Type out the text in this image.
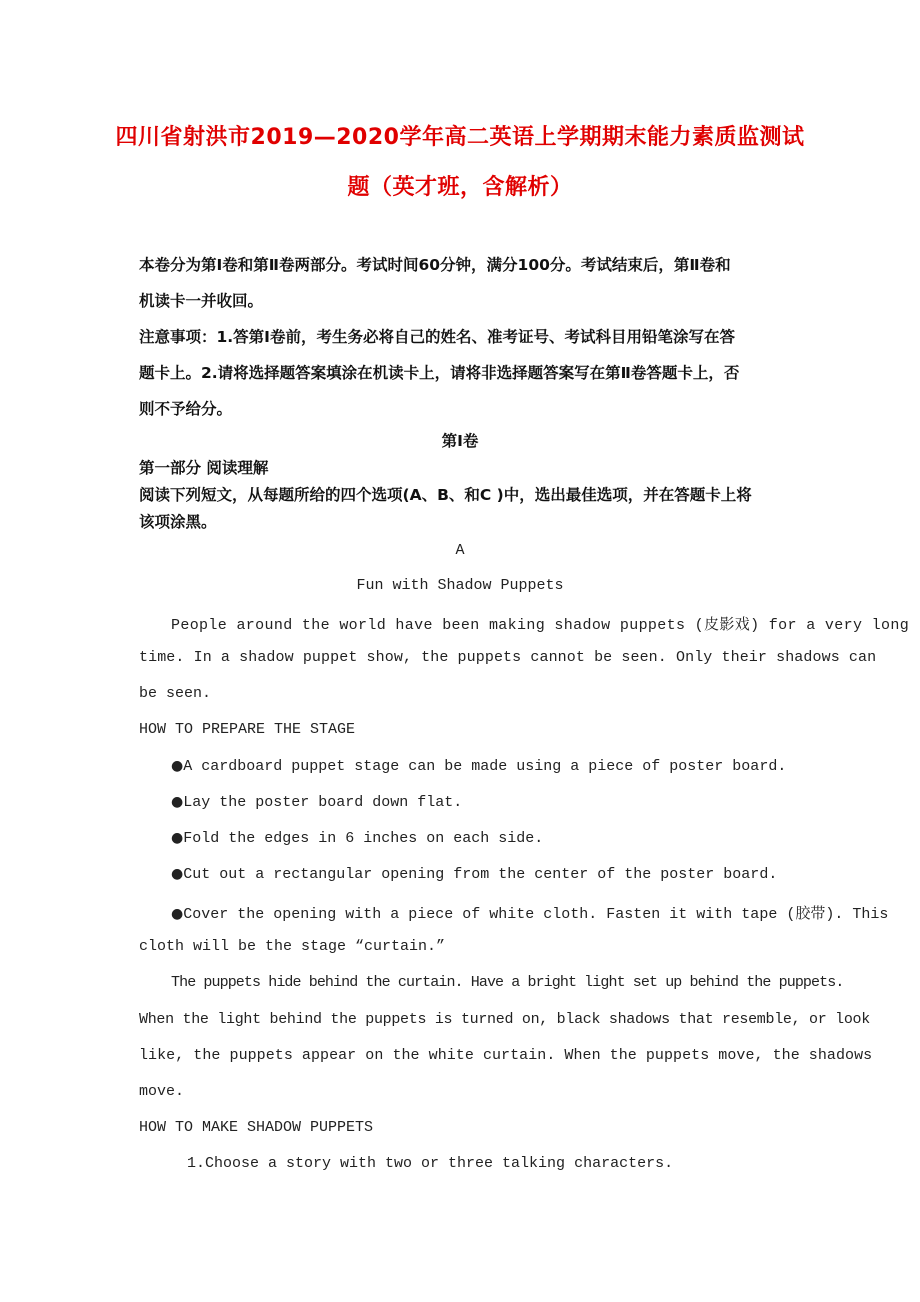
四川省射洪市2019—2020学年高二英语上学期期末能力素质监测试
题（英才班，含解析）
本卷分为第Ⅰ卷和第Ⅱ卷两部分。考试时间60分钟，满分100分。考试结束后，第Ⅱ卷和
机读卡一并收回。
注意事项：1.答第Ⅰ卷前，考生务必将自己的姓名、准考证号、考试科目用铅笔涂写在答
题卡上。2.请将选择题答案填涂在机读卡上，请将非选择题答案写在第Ⅱ卷答题卡上，否
则不予给分。
第Ⅰ卷
第一部分 阅读理解
阅读下列短文，从每题所给的四个选项(A、B、和C )中，选出最佳选项，并在答题卡上将
该项涂黑。
A
Fun with Shadow Puppets
People around the world have been making shadow puppets (皮影戏) for a very long
time. In a shadow puppet show, the puppets cannot be seen. Only their shadows can
be seen.
HOW TO PREPARE THE STAGE
●A cardboard puppet stage can be made using a piece of poster board.
●Lay the poster board down flat.
●Fold the edges in 6 inches on each side.
●Cut out a rectangular opening from the center of the poster board.
●Cover the opening with a piece of white cloth. Fasten it with tape (胶带). This
cloth will be the stage “curtain.”
The puppets hide behind the curtain. Have a bright light set up behind the puppets.
When the light behind the puppets is turned on, black shadows that resemble, or look
like, the puppets appear on the white curtain. When the puppets move, the shadows
move.
HOW TO MAKE SHADOW PUPPETS
1.Choose a story with two or three talking characters.
